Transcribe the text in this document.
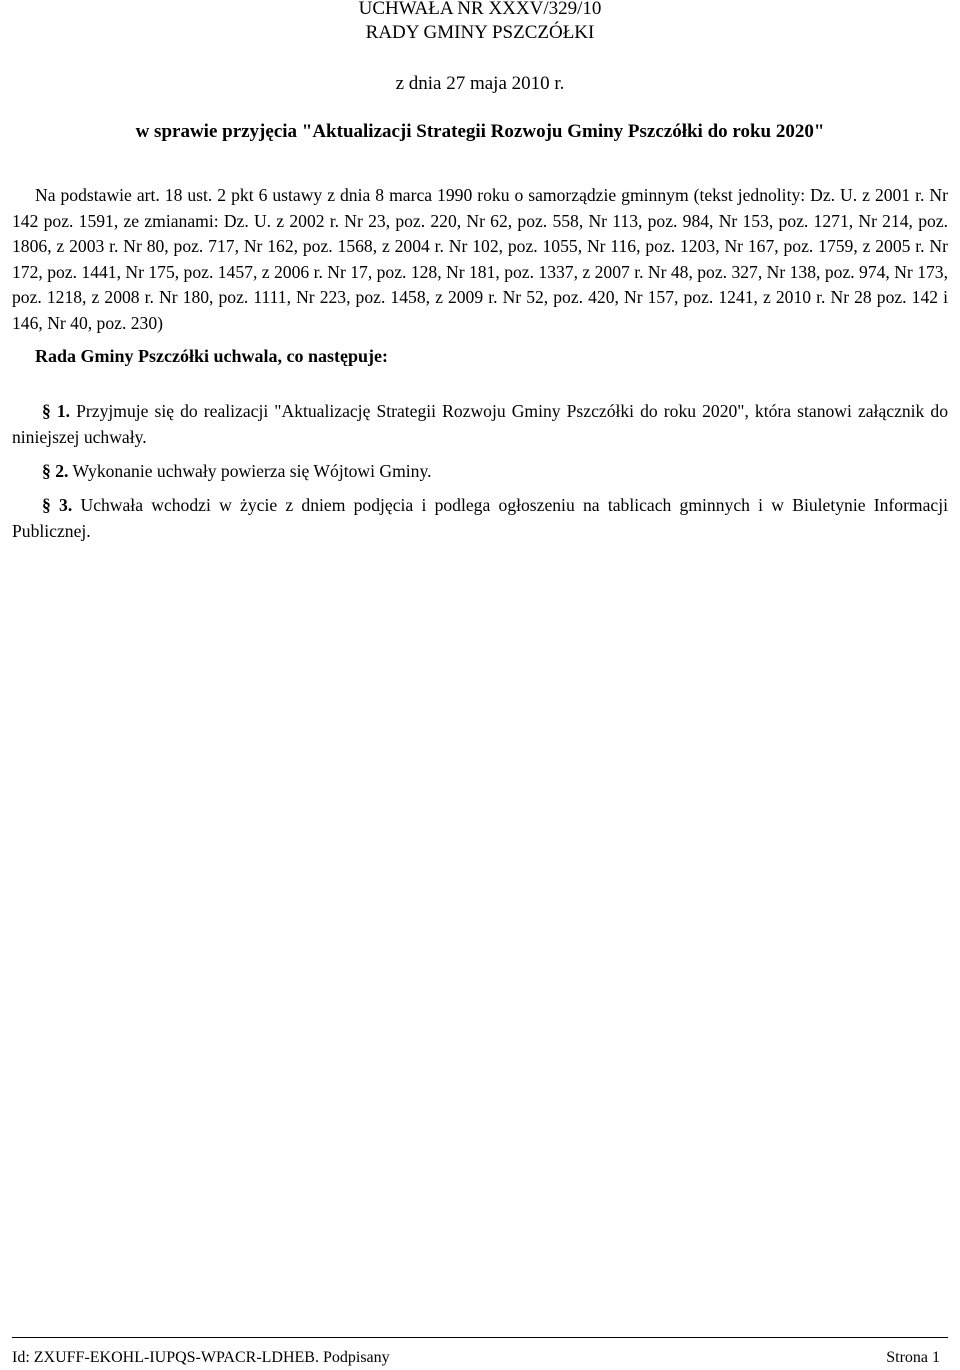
UCHWAŁA NR XXXV/329/10
RADY GMINY PSZCZÓŁKI
z dnia 27 maja 2010 r.
w sprawie przyjęcia "Aktualizacji Strategii Rozwoju Gminy Pszczółki do roku 2020"

Na podstawie art. 18 ust. 2 pkt 6 ustawy z dnia 8 marca 1990 roku o samorządzie gminnym (tekst jednolity: Dz. U. z 2001 r. Nr 142 poz. 1591, ze zmianami: Dz. U. z 2002 r. Nr 23, poz. 220, Nr 62, poz. 558, Nr 113, poz. 984, Nr 153, poz. 1271, Nr 214, poz. 1806, z 2003 r. Nr 80, poz. 717, Nr 162, poz. 1568, z 2004 r. Nr 102, poz. 1055, Nr 116, poz. 1203, Nr 167, poz. 1759, z 2005 r. Nr 172, poz. 1441, Nr 175, poz. 1457, z 2006 r. Nr 17, poz. 128, Nr 181, poz. 1337, z 2007 r. Nr 48, poz. 327, Nr 138, poz. 974, Nr 173, poz. 1218, z 2008 r. Nr 180, poz. 1111, Nr 223, poz. 1458, z 2009 r. Nr 52, poz. 420, Nr 157, poz. 1241, z 2010 r. Nr 28 poz. 142 i 146, Nr 40, poz. 230)

Rada Gminy Pszczółki uchwala, co następuje:

§ 1. Przyjmuje się do realizacji "Aktualizację Strategii Rozwoju Gminy Pszczółki do roku 2020", która stanowi załącznik do niniejszej uchwały.

§ 2. Wykonanie uchwały powierza się Wójtowi Gminy.

§ 3. Uchwała wchodzi w życie z dniem podjęcia i podlega ogłoszeniu na tablicach gminnych i w Biuletynie Informacji Publicznej.

Id: ZXUFF-EKOHL-IUPQS-WPACR-LDHEB. Podpisany	Strona 1
